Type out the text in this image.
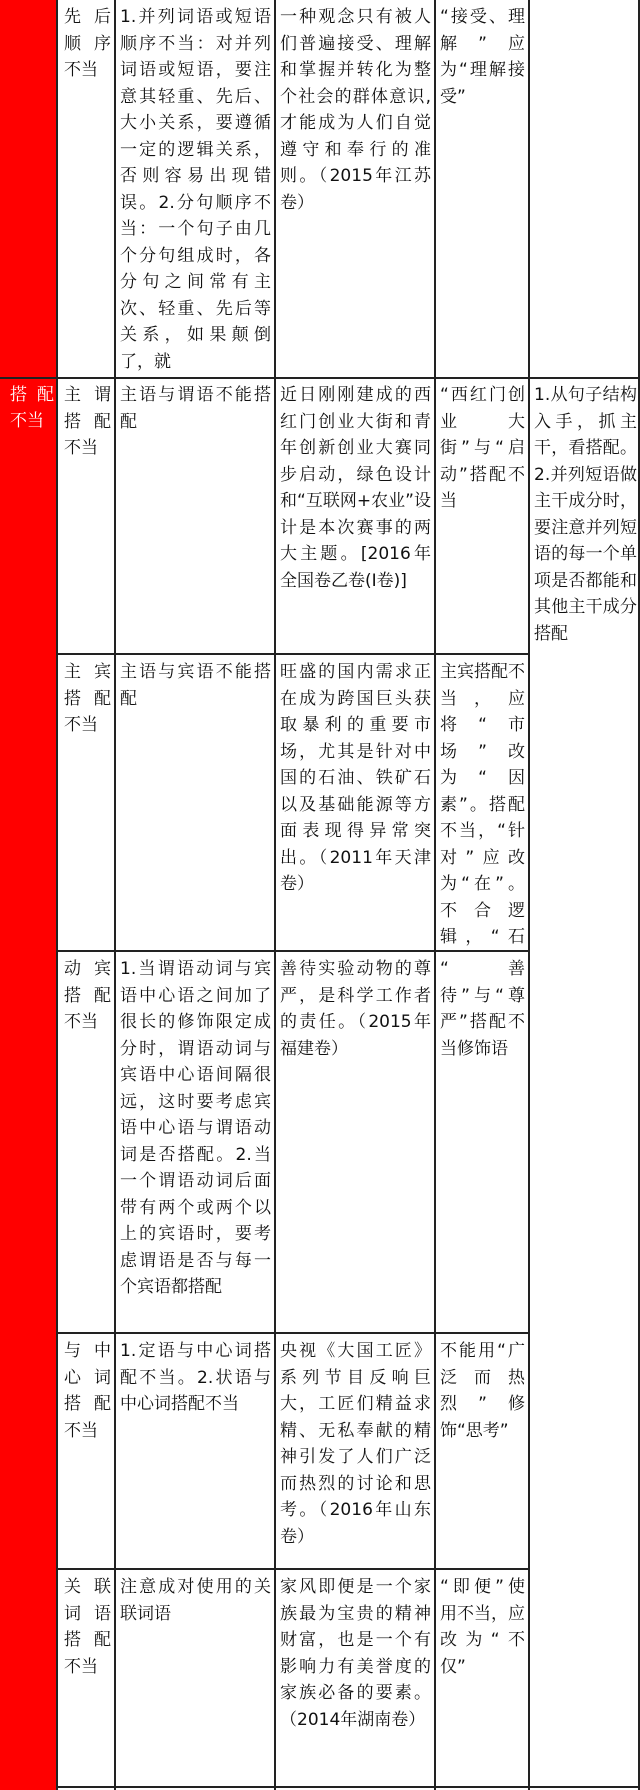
搭配不当
先后顺序不当
1.并列词语或短语顺序不当：对并列词语或短语，要注意其轻重、先后、大小关系，要遵循一定的逻辑关系，否则容易出现错误。2.分句顺序不当：一个句子由几个分句组成时，各分句之间常有主次、轻重、先后等关系，如果颠倒了，就
一种观念只有被人们普遍接受、理解和掌握并转化为整个社会的群体意识,才能成为人们自觉遵守和奉行的准则。（2015年江苏卷）
“接受、理解”应为“理解接受”
主谓搭配不当
主语与谓语不能搭配
近日刚刚建成的西红门创业大街和青年创新创业大赛同步启动，绿色设计和“互联网+农业”设计是本次赛事的两大主题。[2016年全国卷乙卷(Ⅰ卷)]
“西红门创业大街”与“启动”搭配不当
1.从句子结构入手，抓主干，看搭配。2.并列短语做主干成分时，要注意并列短语的每一个单项是否都能和其他主干成分搭配
主宾搭配不当
主语与宾语不能搭配
旺盛的国内需求正在成为跨国巨头获取暴利的重要市场，尤其是针对中国的石油、铁矿石以及基础能源等方面表现得异常突出。（2011年天津卷）
主宾搭配不当，应将“市场”改为“因素”。搭配不当，“针对”应改为“在”。不合逻辑，“石
动宾搭配不当
1.当谓语动词与宾语中心语之间加了很长的修饰限定成分时，谓语动词与宾语中心语间隔很远，这时要考虑宾语中心语与谓语动词是否搭配。2.当一个谓语动词后面带有两个或两个以上的宾语时，要考虑谓语是否与每一个宾语都搭配
善待实验动物的尊严，是科学工作者的责任。（2015年福建卷）
“善待”与“尊严”搭配不当修饰语
与中心词搭配不当
1.定语与中心词搭配不当。2.状语与中心词搭配不当
央视《大国工匠》系列节目反响巨大，工匠们精益求精、无私奉献的精神引发了人们广泛而热烈的讨论和思考。（2016年山东卷）
不能用“广泛而热烈”修饰“思考”
关联词语搭配不当
注意成对使用的关联词语
家风即便是一个家族最为宝贵的精神财富，也是一个有影响力有美誉度的家族必备的要素。（2014年湖南卷）
“即便”使用不当，应改为“不仅”
